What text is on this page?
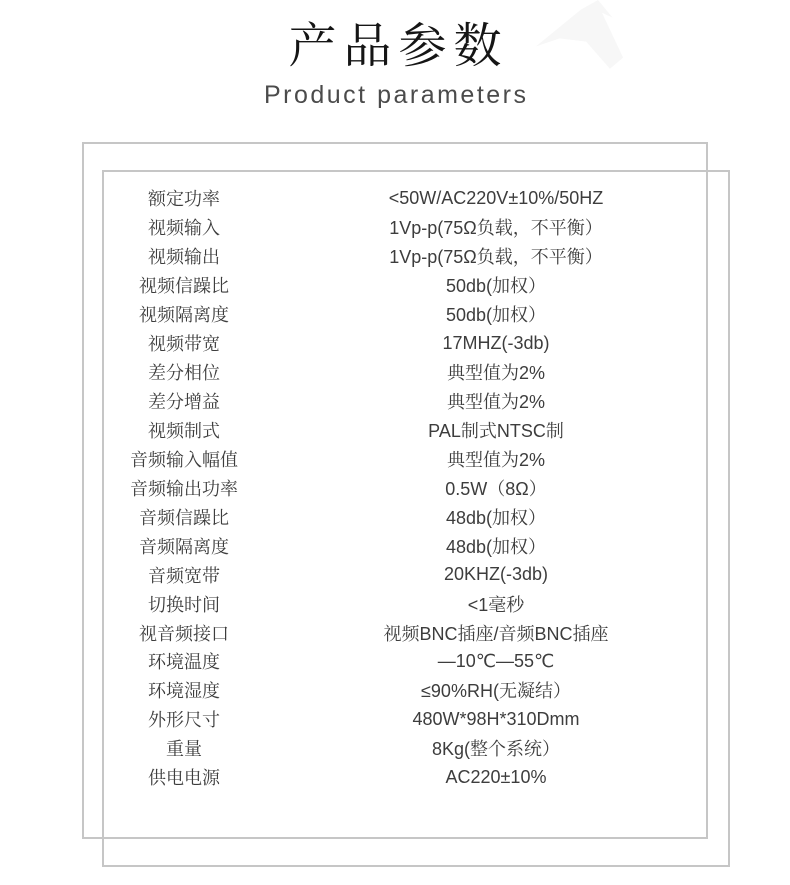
产品参数
Product parameters
额定功率	<50W/AC220V±10%/50HZ
视频输入	1Vp-p(75Ω负载，不平衡）
视频输出	1Vp-p(75Ω负载，不平衡）
视频信躁比	50db(加权）
视频隔离度	50db(加权）
视频带宽	17MHZ(-3db)
差分相位	典型值为2%
差分增益	典型值为2%
视频制式	PAL制式NTSC制
音频输入幅值	典型值为2%
音频输出功率	0.5W（8Ω）
音频信躁比	48db(加权）
音频隔离度	48db(加权）
音频宽带	20KHZ(-3db)
切换时间	<1毫秒
视音频接口	视频BNC插座/音频BNC插座
环境温度	—10℃—55℃
环境湿度	≤90%RH(无凝结）
外形尺寸	480W*98H*310Dmm
重量	8Kg(整个系统）
供电电源	AC220±10%
